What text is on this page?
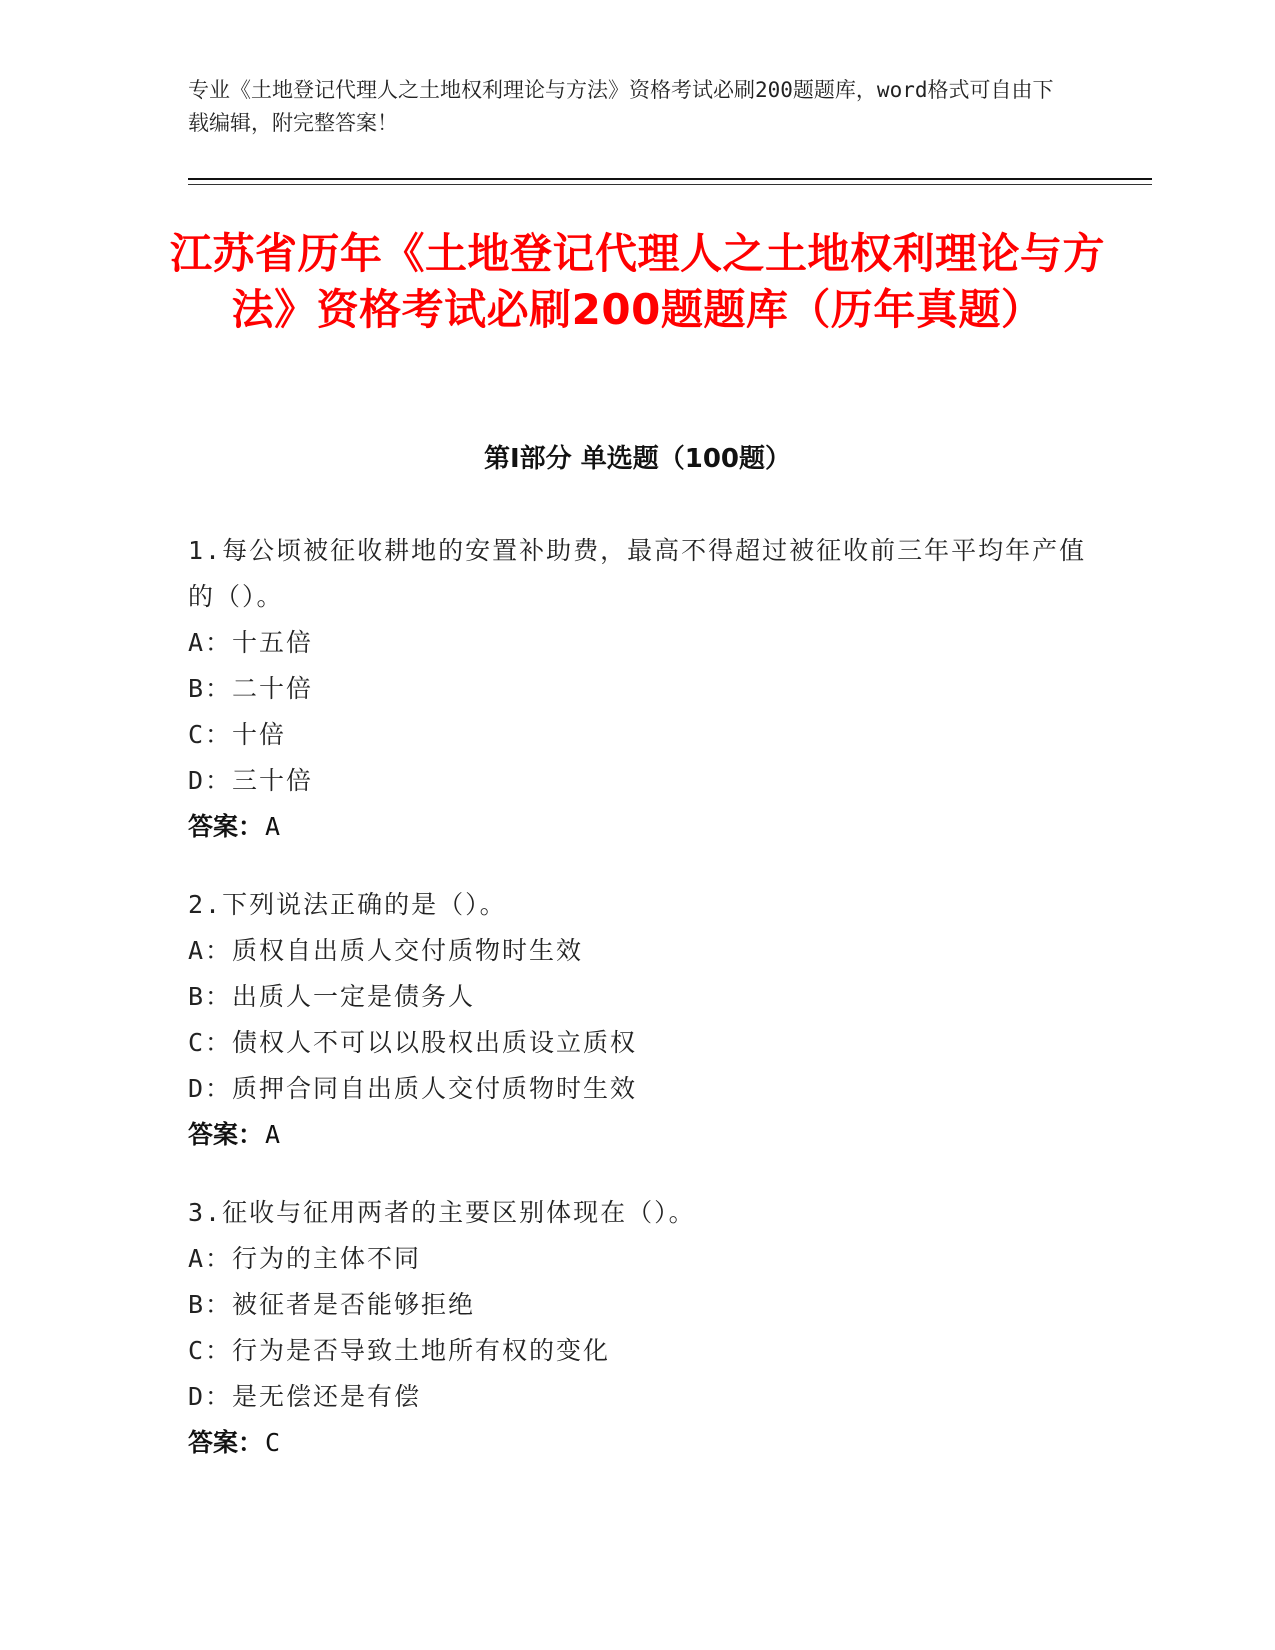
专业《土地登记代理人之土地权利理论与方法》资格考试必刷200题题库，word格式可自由下载编辑，附完整答案！
江苏省历年《土地登记代理人之土地权利理论与方法》资格考试必刷200题题库（历年真题）
第Ⅰ部分 单选题（100题）
1.每公顷被征收耕地的安置补助费，最高不得超过被征收前三年平均年产值的（）。
A：十五倍
B：二十倍
C：十倍
D：三十倍
答案：A
2.下列说法正确的是（）。
A：质权自出质人交付质物时生效
B：出质人一定是债务人
C：债权人不可以以股权出质设立质权
D：质押合同自出质人交付质物时生效
答案：A
3.征收与征用两者的主要区别体现在（）。
A：行为的主体不同
B：被征者是否能够拒绝
C：行为是否导致土地所有权的变化
D：是无偿还是有偿
答案：C
